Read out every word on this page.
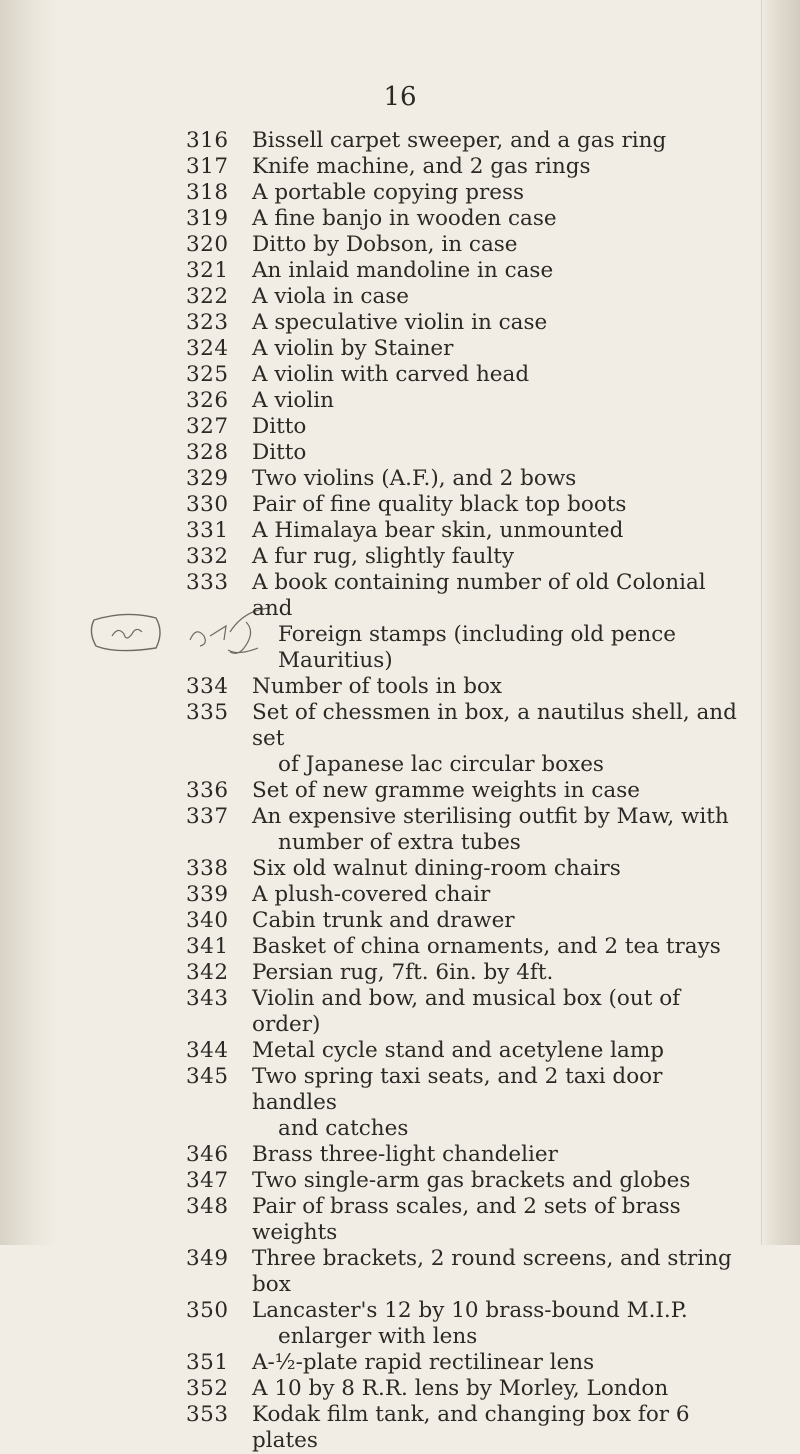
16
316	Bissell carpet sweeper, and a gas ring
317	Knife machine, and 2 gas rings
318	A portable copying press
319	A fine banjo in wooden case
320	Ditto by Dobson, in case
321	An inlaid mandoline in case
322	A viola in case
323	A speculative violin in case
324	A violin by Stainer
325	A violin with carved head
326	A violin
327	Ditto
328	Ditto
329	Two violins (A.F.), and 2 bows
330	Pair of fine quality black top boots
331	A Himalaya bear skin, unmounted
332	A fur rug, slightly faulty
333	A book containing number of old Colonial and
Foreign stamps (including old pence Mauritius)
334	Number of tools in box
335	Set of chessmen in box, a nautilus shell, and set
of Japanese lac circular boxes
336	Set of new gramme weights in case
337	An expensive sterilising outfit by Maw, with
number of extra tubes
338	Six old walnut dining-room chairs
339	A plush-covered chair
340	Cabin trunk and drawer
341	Basket of china ornaments, and 2 tea trays
342	Persian rug, 7ft. 6in. by 4ft.
343	Violin and bow, and musical box (out of order)
344	Metal cycle stand and acetylene lamp
345	Two spring taxi seats, and 2 taxi door handles
and catches
346	Brass three-light chandelier
347	Two single-arm gas brackets and globes
348	Pair of brass scales, and 2 sets of brass weights
349	Three brackets, 2 round screens, and string box
350	Lancaster's 12 by 10 brass-bound M.I.P.
enlarger with lens
351	A-½-plate rapid rectilinear lens
352	A 10 by 8 R.R. lens by Morley, London
353	Kodak film tank, and changing box for 6 plates
